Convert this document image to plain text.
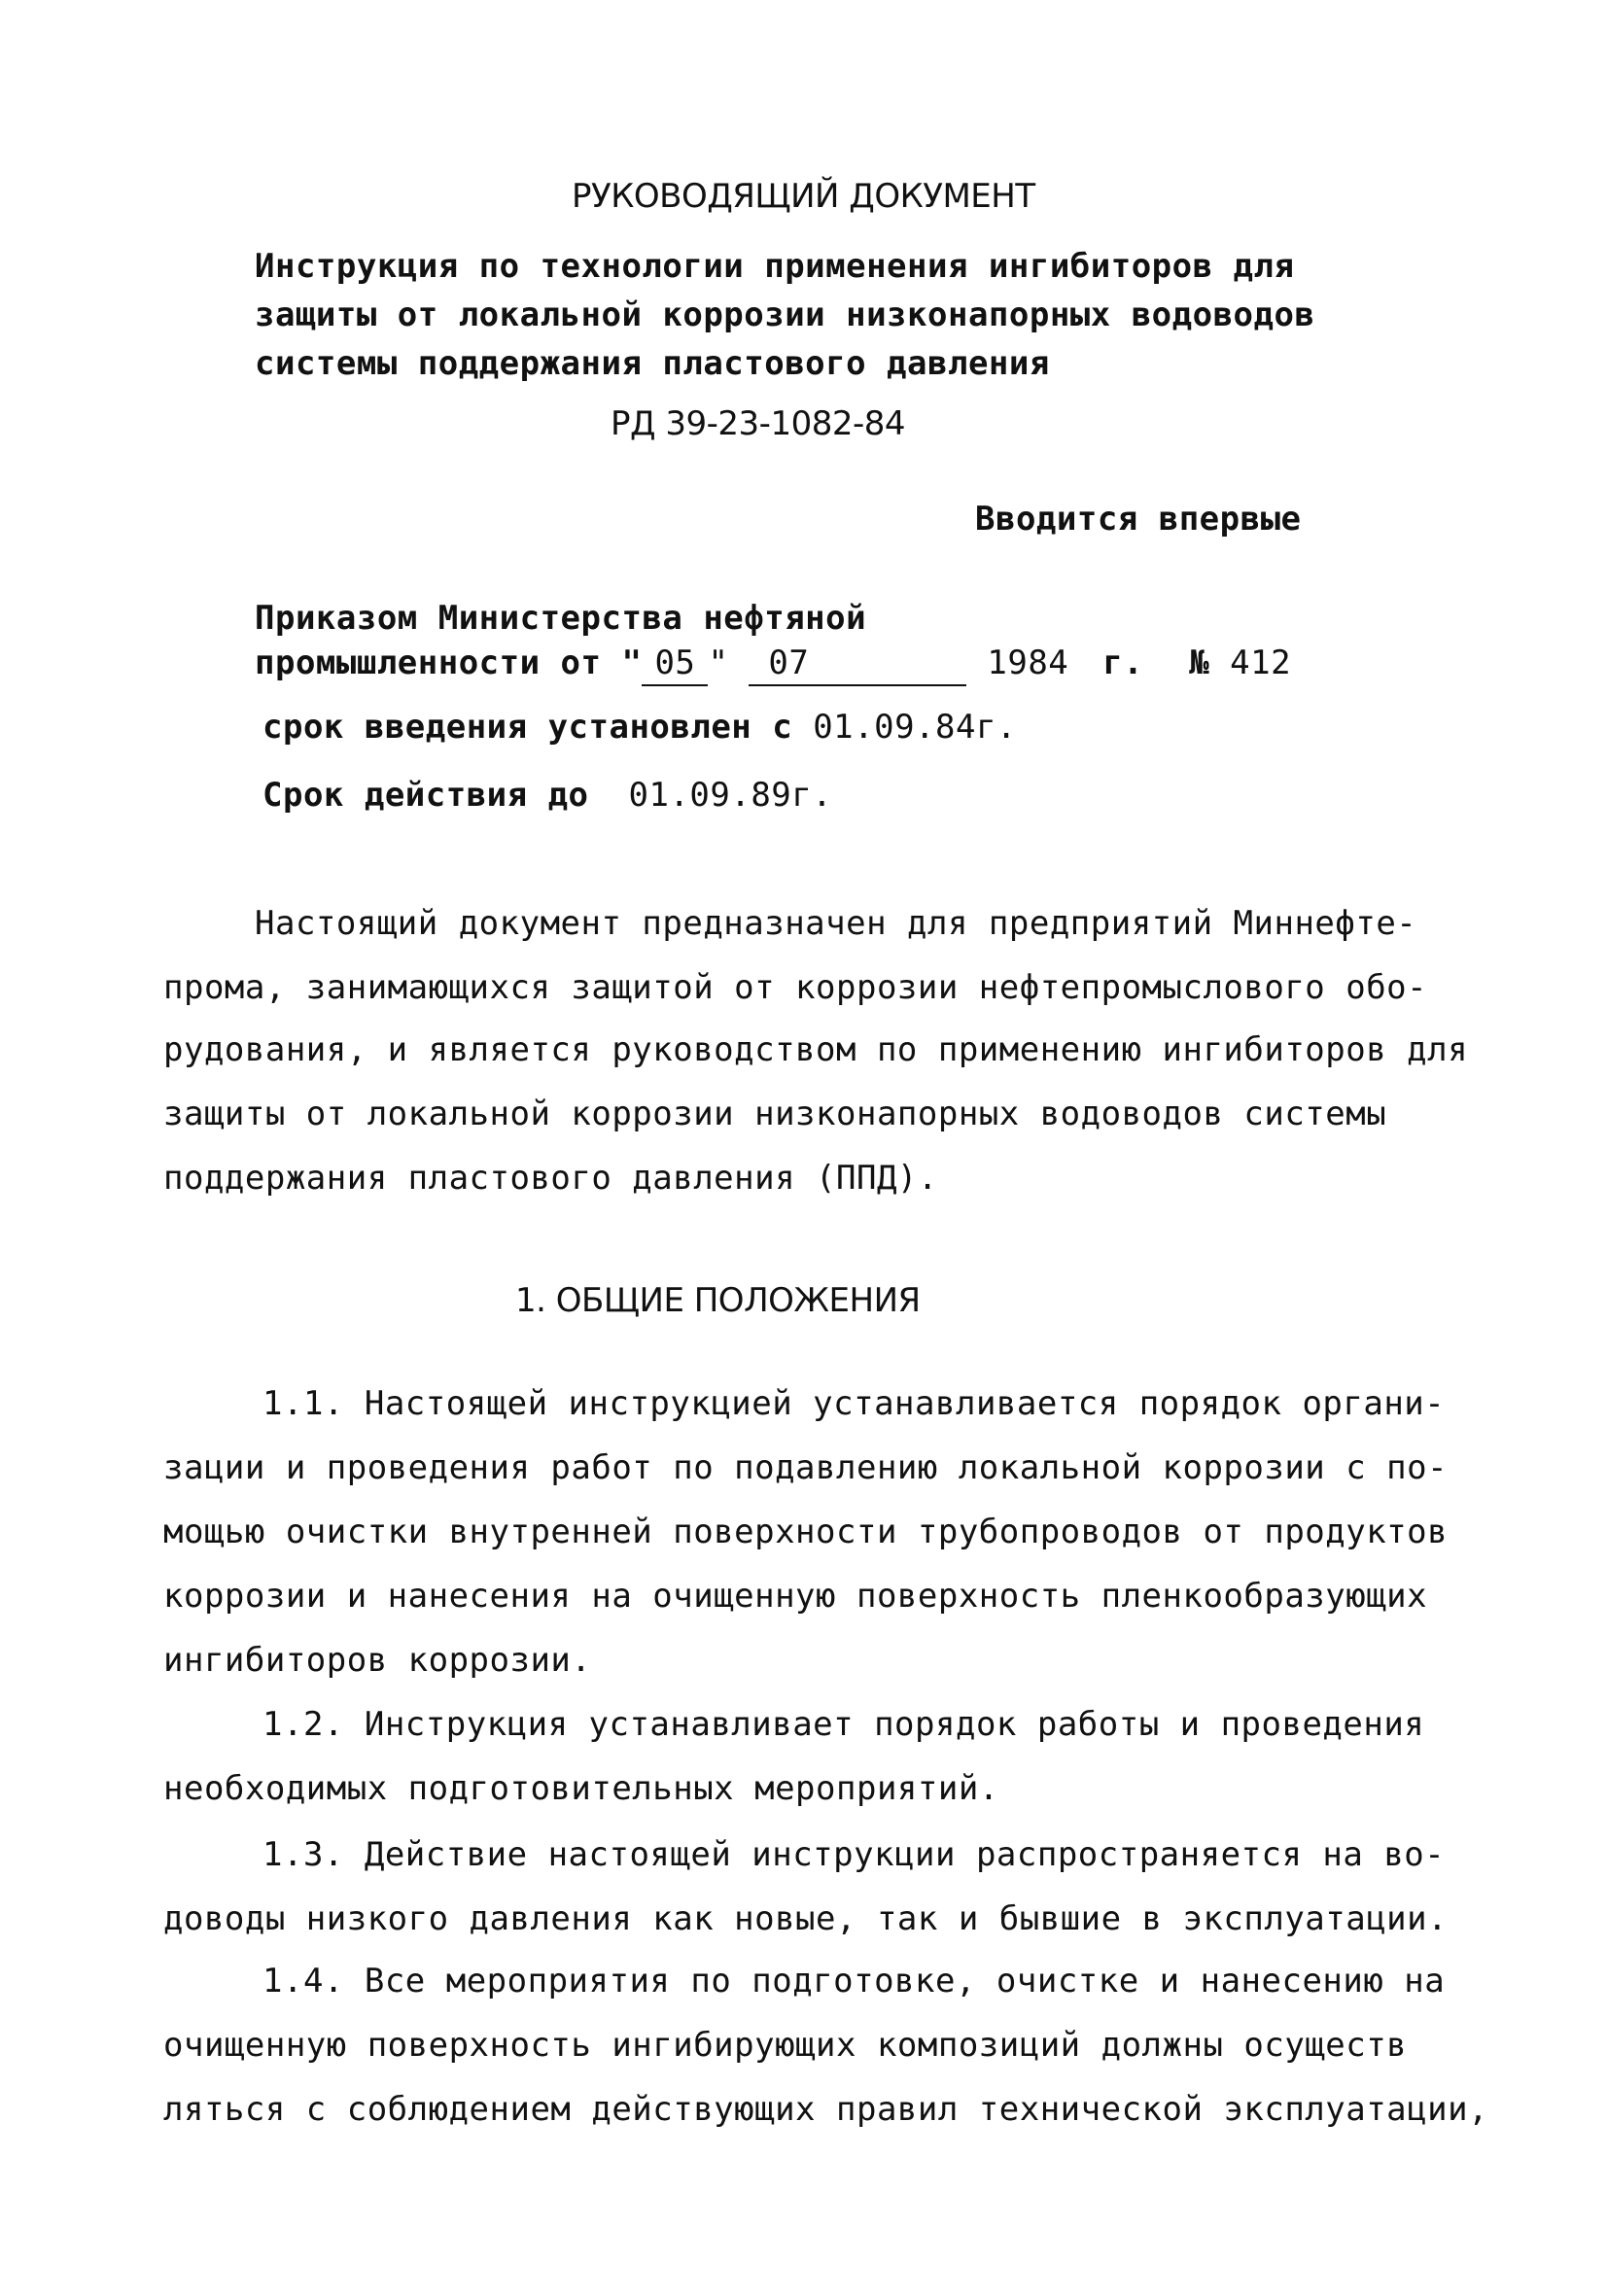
РУКОВОДЯЩИЙ ДОКУМЕНТ
Инструкция по технологии применения ингибиторов для
защиты от локальной коррозии низконапорных водоводов
системы поддержания пластового давления
РД 39-23-1082-84
Вводится впервые
Приказом Министерства нефтяной
промышленности от " 05 " 07	1984 г. № 412
срок введения установлен с 01.09.84г.
Срок действия до 01.09.89г.
Настоящий документ предназначен для предприятий Миннефте-
прома, занимающихся защитой от коррозии нефтепромыслового обо-
рудования, и является руководством по применению ингибиторов для
защиты от локальной коррозии низконапорных водоводов системы
поддержания пластового давления (ППД).
1. ОБЩИЕ ПОЛОЖЕНИЯ
1.1. Настоящей инструкцией устанавливается порядок органи-
зации и проведения работ по подавлению локальной коррозии с по-
мощью очистки внутренней поверхности трубопроводов от продуктов
коррозии и нанесения на очищенную поверхность пленкообразующих
ингибиторов коррозии.
1.2. Инструкция устанавливает порядок работы и проведения
необходимых подготовительных мероприятий.
1.3. Действие настоящей инструкции распространяется на во-
доводы низкого давления как новые, так и бывшие в эксплуатации.
1.4. Все мероприятия по подготовке, очистке и нанесению на
очищенную поверхность ингибирующих композиций должны осуществ
ляться с соблюдением действующих правил технической эксплуатации,
